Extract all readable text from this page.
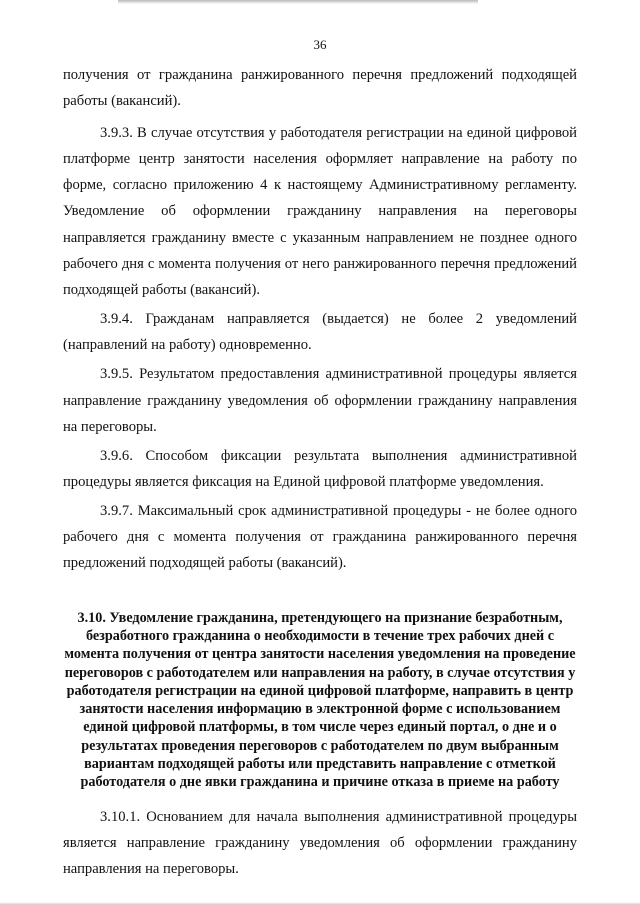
36

получения от гражданина ранжированного перечня предложений подходящей работы (вакансий).

3.9.3. В случае отсутствия у работодателя регистрации на единой цифровой платформе центр занятости населения оформляет направление на работу по форме, согласно приложению 4 к настоящему Административному регламенту. Уведомление об оформлении гражданину направления на переговоры направляется гражданину вместе с указанным направлением не позднее одного рабочего дня с момента получения от него ранжированного перечня предложений подходящей работы (вакансий).

3.9.4. Гражданам направляется (выдается) не более 2 уведомлений (направлений на работу) одновременно.

3.9.5. Результатом предоставления административной процедуры является направление гражданину уведомления об оформлении гражданину направления на переговоры.

3.9.6. Способом фиксации результата выполнения административной процедуры является фиксация на Единой цифровой платформе уведомления.

3.9.7. Максимальный срок административной процедуры - не более одного рабочего дня с момента получения от гражданина ранжированного перечня предложений подходящей работы (вакансий).

3.10. Уведомление гражданина, претендующего на признание безработным, безработного гражданина о необходимости в течение трех рабочих дней с момента получения от центра занятости населения уведомления на проведение переговоров с работодателем или направления на работу, в случае отсутствия у работодателя регистрации на единой цифровой платформе, направить в центр занятости населения информацию в электронной форме с использованием единой цифровой платформы, в том числе через единый портал, о дне и о результатах проведения переговоров с работодателем по двум выбранным вариантам подходящей работы или представить направление с отметкой работодателя о дне явки гражданина и причине отказа в приеме на работу

3.10.1. Основанием для начала выполнения административной процедуры является направление гражданину уведомления об оформлении гражданину направления на переговоры.
